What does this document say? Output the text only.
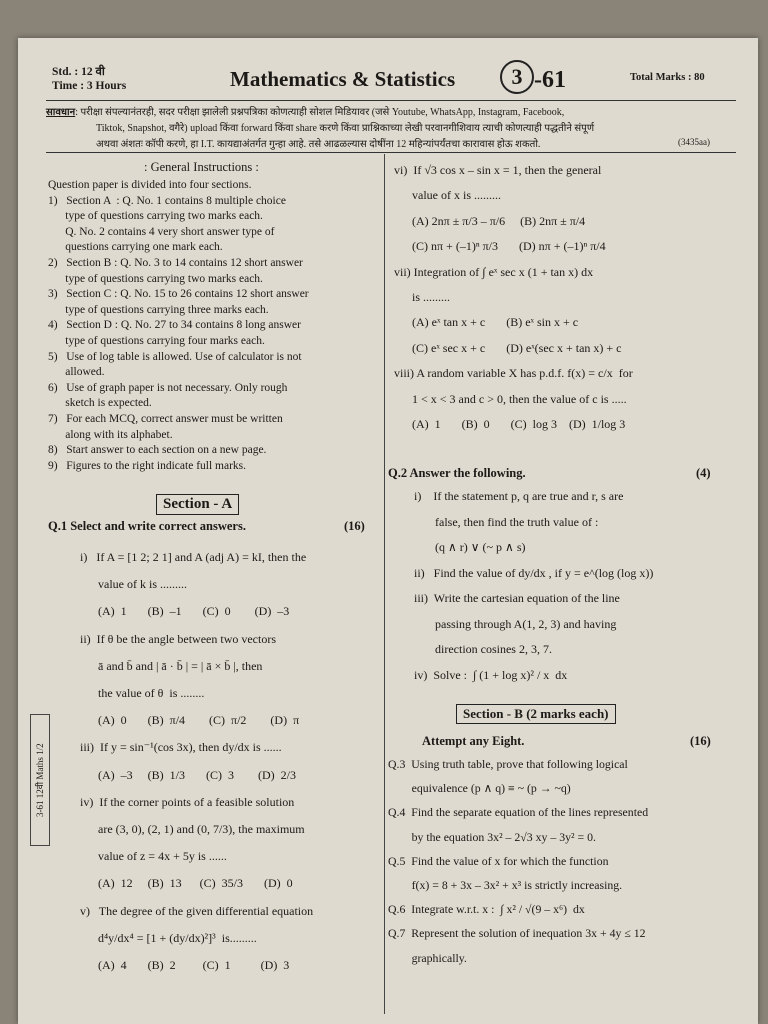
Std. : 12 वी
Time : 3 Hours	Mathematics & Statistics	3 -61	Total Marks : 80
सावधान: परीक्षा संपल्यानंतरही, सदर परीक्षा झालेली प्रश्नपत्रिका कोणत्याही सोशल मिडियावर (जसे Youtube, WhatsApp, Instagram, Facebook,
Tiktok, Snapshot, वगैरे) upload किंवा forward किंवा share करणे किंवा प्राश्निकाच्या लेखी परवानगीशिवाय त्याची कोणत्याही पद्धतीने संपूर्ण
अथवा अंशतः कॉपी करणे, हा I.T. कायद्याअंतर्गत गुन्हा आहे. तसे आढळल्यास दोषींना 12 महिन्यांपर्यंतचा कारावास होऊ शकतो.	(3435aa)
: General Instructions :
Question paper is divided into four sections.
1)   Section A  : Q. No. 1 contains 8 multiple choice
type of questions carrying two marks each.
Q. No. 2 contains 4 very short answer type of
questions carrying one mark each.
2)   Section B : Q. No. 3 to 14 contains 12 short answer
type of questions carrying two marks each.
3)   Section C : Q. No. 15 to 26 contains 12 short answer
type of questions carrying three marks each.
4)   Section D : Q. No. 27 to 34 contains 8 long answer
type of questions carrying four marks each.
5)   Use of log table is allowed. Use of calculator is not
allowed.
6)   Use of graph paper is not necessary. Only rough
sketch is expected.
7)   For each MCQ, correct answer must be written
along with its alphabet.
8)   Start answer to each section on a new page.
9)   Figures to the right indicate full marks.
Section - A
Q.1 Select and write correct answers.	(16)
i)   If A = [1 2; 2 1] and A (adj A) = kI, then the
value of k is .........
(A)  1       (B)  –1       (C)  0        (D)  –3
ii)  If θ be the angle between two vectors
ā and b̄ and | ā · b̄ | = | ā × b̄ |, then
the value of θ  is ........
(A)  0       (B)  π/4        (C)  π/2        (D)  π
iii)  If y = sin⁻¹(cos 3x), then dy/dx is ......
(A)  –3     (B)  1/3       (C)  3        (D)  2/3
iv)  If the corner points of a feasible solution
are (3, 0), (2, 1) and (0, 7/3), the maximum
value of z = 4x + 5y is ......
(A)  12     (B)  13      (C)  35/3       (D)  0
v)   The degree of the given differential equation
d⁴y/dx⁴ = [1 + (dy/dx)²]³  is.........
(A)  4       (B)  2         (C)  1          (D)  3
3-61 12वी Maths 1/2
vi)  If √3 cos x – sin x = 1, then the general
value of x is .........
(A) 2nπ ± π/3 – π/6     (B) 2nπ ± π/4
(C) nπ + (–1)ⁿ π/3       (D) nπ + (–1)ⁿ π/4
vii) Integration of ∫ eˣ sec x (1 + tan x) dx
is .........
(A) eˣ tan x + c       (B) eˣ sin x + c
(C) eˣ sec x + c       (D) eˣ(sec x + tan x) + c
viii) A random variable X has p.d.f. f(x) = c/x  for
1 < x < 3 and c > 0, then the value of c is .....
(A)  1       (B)  0       (C)  log 3    (D)  1/log 3
Q.2 Answer the following.	(4)
i)    If the statement p, q are true and r, s are
false, then find the truth value of :
(q ∧ r) ∨ (~ p ∧ s)
ii)   Find the value of dy/dx , if y = e^(log (log x))
iii)  Write the cartesian equation of the line
passing through A(1, 2, 3) and having
direction cosines 2, 3, 7.
iv)  Solve :  ∫ (1 + log x)² / x  dx
Section - B (2 marks each)
Attempt any Eight.	(16)
Q.3  Using truth table, prove that following logical
equivalence (p ∧ q) ≡ ~ (p → ~q)
Q.4  Find the separate equation of the lines represented
by the equation 3x² – 2√3 xy – 3y² = 0.
Q.5  Find the value of x for which the function
f(x) = 8 + 3x – 3x² + x³ is strictly increasing.
Q.6  Integrate w.r.t. x :  ∫ x² / √(9 – x⁶)  dx
Q.7  Represent the solution of inequation 3x + 4y ≤ 12
graphically.
